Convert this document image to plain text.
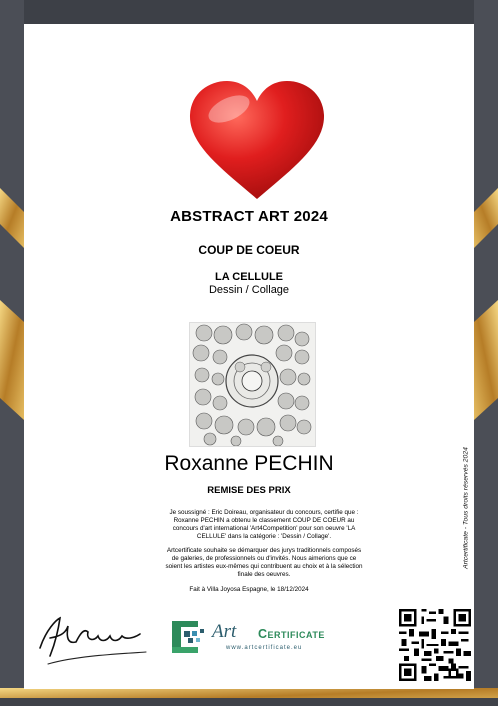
ABSTRACT ART 2024
COUP DE COEUR
LA CELLULE
Dessin / Collage
Roxanne PECHIN
REMISE DES PRIX
Je soussigné : Eric Doireau, organisateur du concours, certifie que : Roxanne PECHIN a obtenu le classement COUP DE COEUR au concours d'art international 'Art4Competition' pour son oeuvre 'LA CELLULE' dans la catégorie : 'Dessin / Collage'.
Artcertificate souhaite se démarquer des jurys traditionnels composés de galeries, de professionnels ou d'invités. Nous aimerions que ce soient les artistes eux-mêmes qui contribuent au choix et à la sélection finale des oeuvres.
Fait à Villa Joyosa Espagne, le 18/12/2024
Artcertificate - Tous droits réservés 2024
Art Certificate
www.artcertificate.eu
